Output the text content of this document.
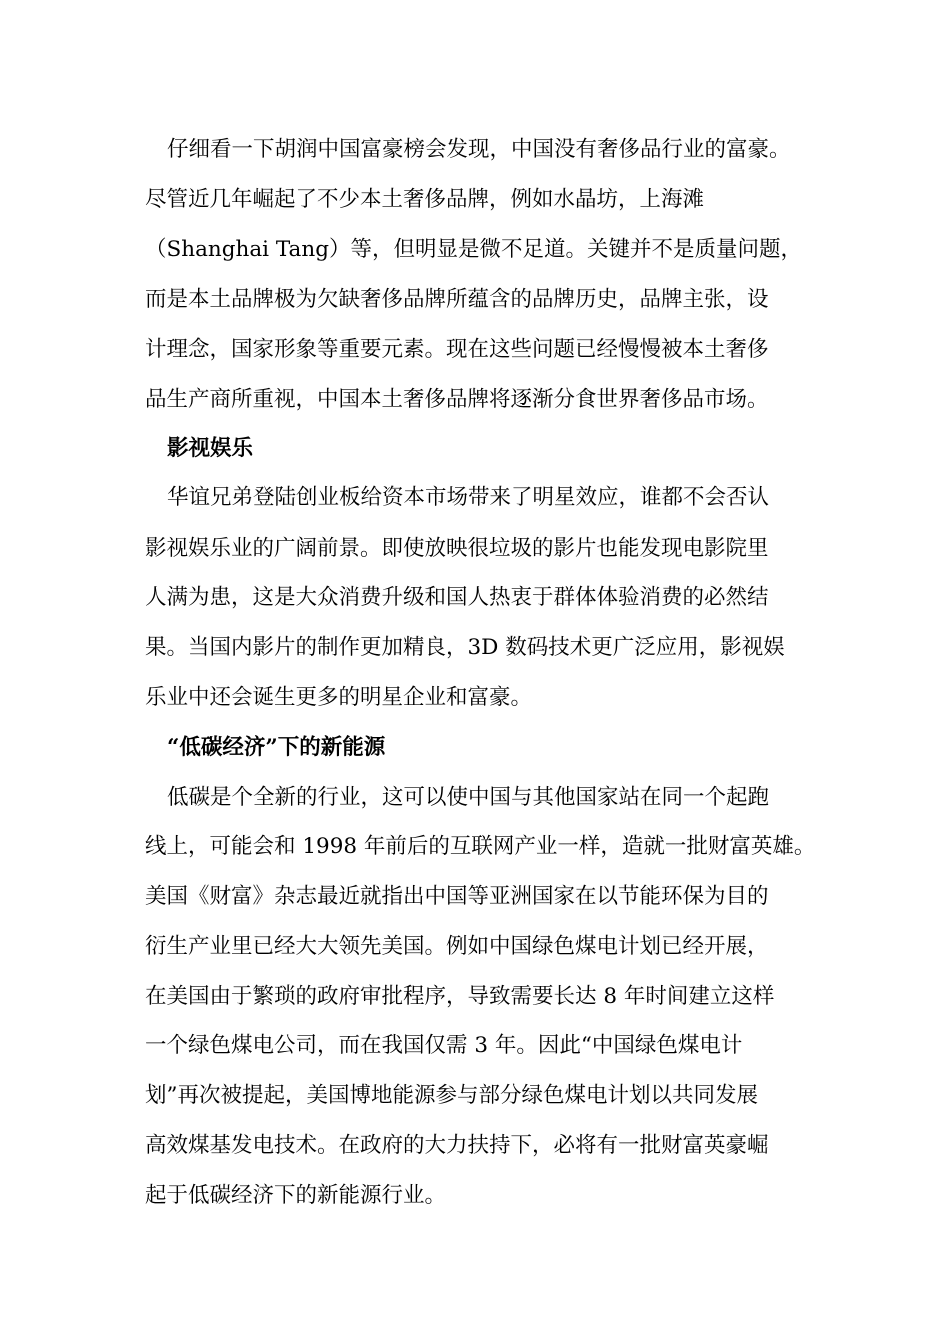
仔细看一下胡润中国富豪榜会发现，中国没有奢侈品行业的富豪。
尽管近几年崛起了不少本土奢侈品牌，例如水晶坊，上海滩
（Shanghai Tang）等，但明显是微不足道。关键并不是质量问题，
而是本土品牌极为欠缺奢侈品牌所蕴含的品牌历史，品牌主张，设
计理念，国家形象等重要元素。现在这些问题已经慢慢被本土奢侈
品生产商所重视，中国本土奢侈品牌将逐渐分食世界奢侈品市场。
影视娱乐
华谊兄弟登陆创业板给资本市场带来了明星效应，谁都不会否认
影视娱乐业的广阔前景。即使放映很垃圾的影片也能发现电影院里
人满为患，这是大众消费升级和国人热衷于群体体验消费的必然结
果。当国内影片的制作更加精良，3D 数码技术更广泛应用，影视娱
乐业中还会诞生更多的明星企业和富豪。
“低碳经济”下的新能源
低碳是个全新的行业，这可以使中国与其他国家站在同一个起跑
线上，可能会和 1998 年前后的互联网产业一样，造就一批财富英雄。
美国《财富》杂志最近就指出中国等亚洲国家在以节能环保为目的
衍生产业里已经大大领先美国。例如中国绿色煤电计划已经开展，
在美国由于繁琐的政府审批程序，导致需要长达 8 年时间建立这样
一个绿色煤电公司，而在我国仅需 3 年。因此“中国绿色煤电计
划”再次被提起，美国博地能源参与部分绿色煤电计划以共同发展
高效煤基发电技术。在政府的大力扶持下，必将有一批财富英豪崛
起于低碳经济下的新能源行业。
